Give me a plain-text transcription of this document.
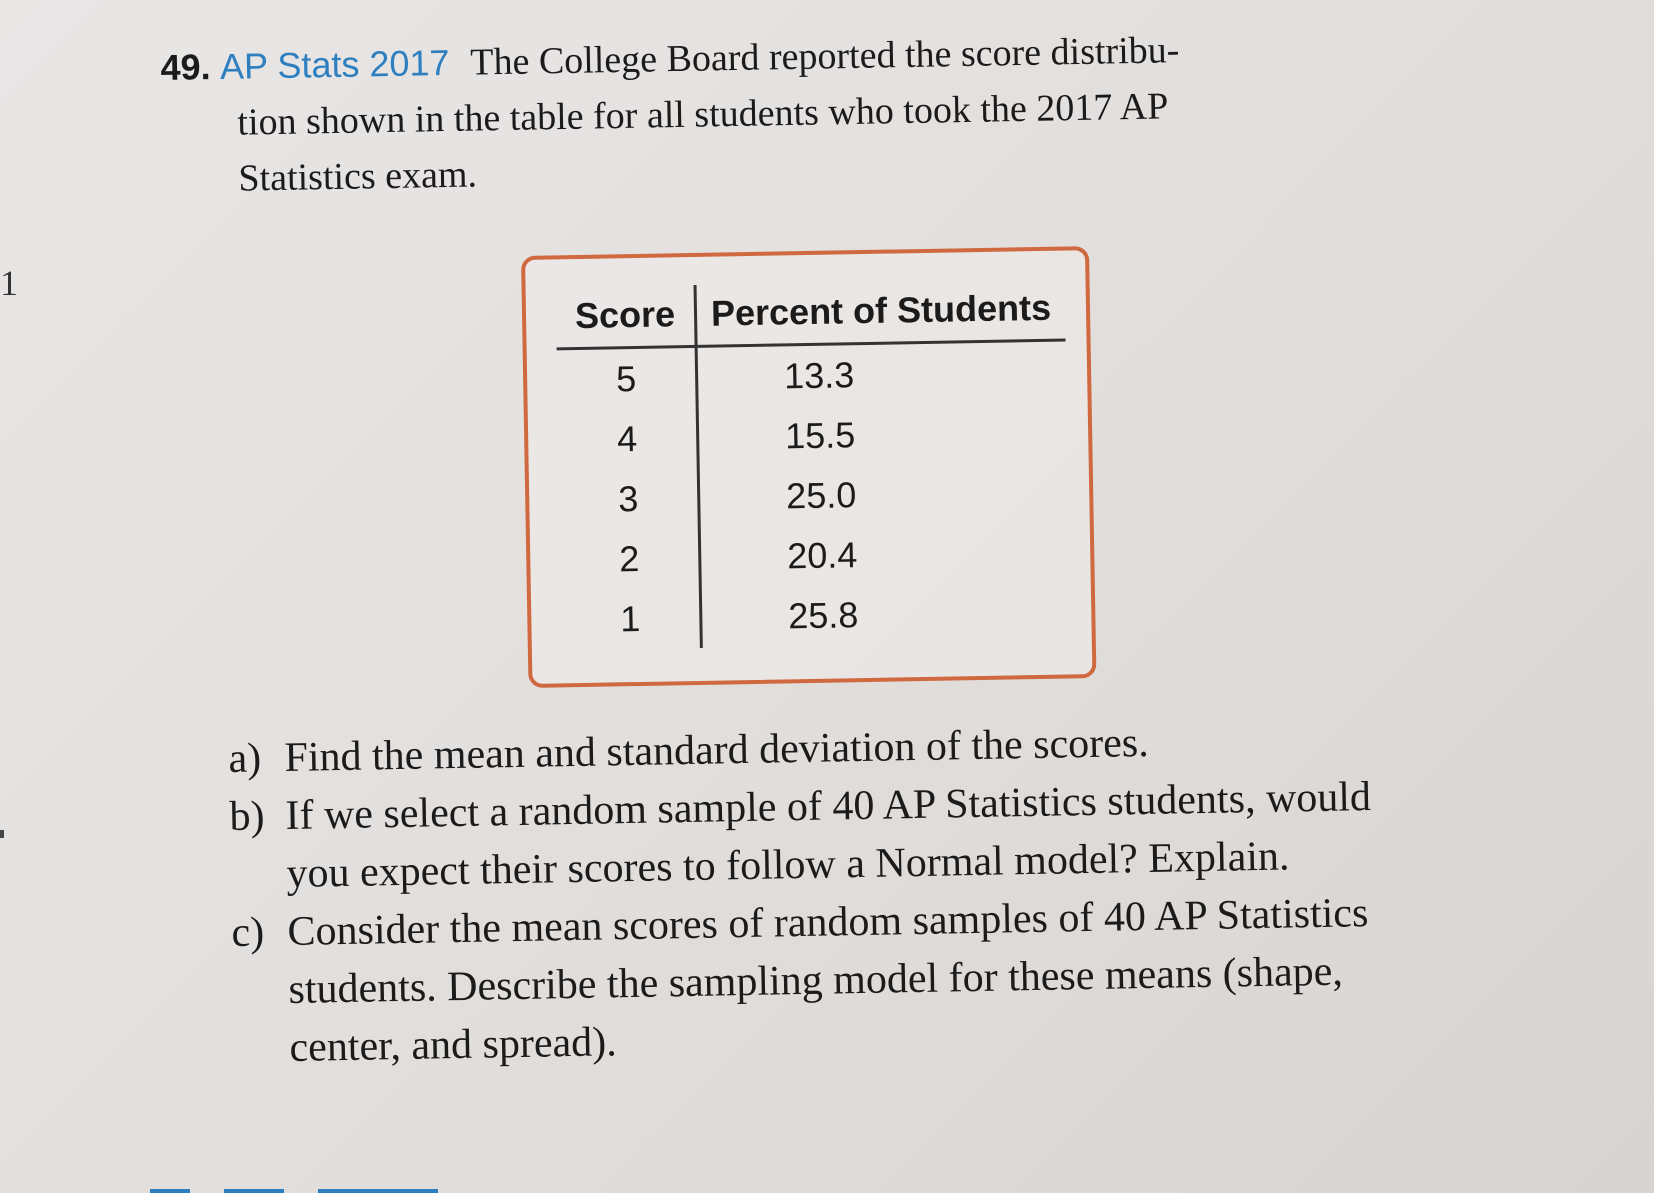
1
49. AP Stats 2017 The College Board reported the score distribu-
tion shown in the table for all students who took the 2017 AP
Statistics exam.
Score	Percent of Students
5	13.3
4	15.5
3	25.0
2	20.4
1	25.8
a) Find the mean and standard deviation of the scores.
b) If we select a random sample of 40 AP Statistics students, would you expect their scores to follow a Normal model? Explain.
c) Consider the mean scores of random samples of 40 AP Statistics students. Describe the sampling model for these means (shape, center, and spread).
